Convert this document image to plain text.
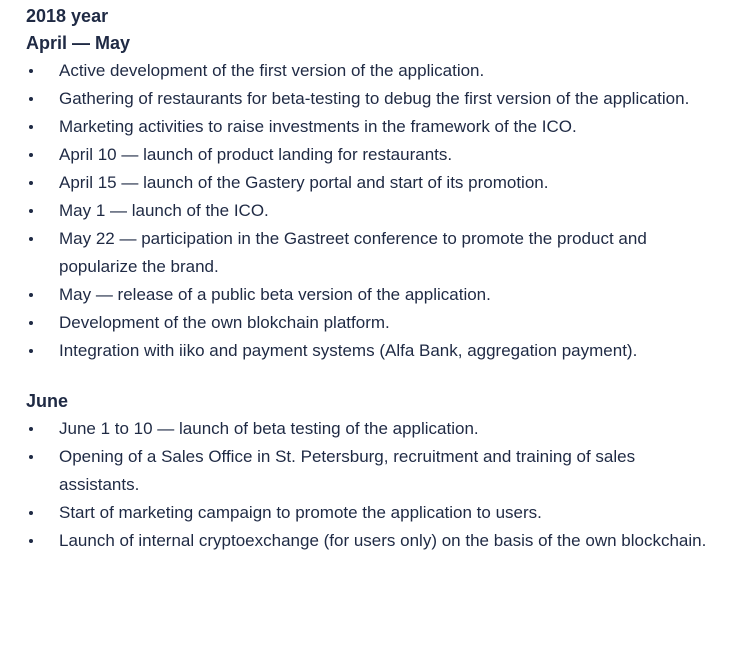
2018 year
April — May
Active development of the first version of the application.
Gathering of restaurants for beta-testing to debug the first version of the application.
Marketing activities to raise investments in the framework of the ICO.
April 10 — launch of product landing for restaurants.
April 15 — launch of the Gastery portal and start of its promotion.
May 1 — launch of the ICO.
May 22 — participation in the Gastreet conference to promote the product and popularize the brand.
May — release of a public beta version of the application.
Development of the own blokchain platform.
Integration with iiko and payment systems (Alfa Bank, aggregation payment).
June
June 1 to 10 — launch of beta testing of the application.
Opening of a Sales Office in St. Petersburg, recruitment and training of sales assistants.
Start of marketing campaign to promote the application to users.
Launch of internal cryptoexchange (for users only) on the basis of the own blockchain.
